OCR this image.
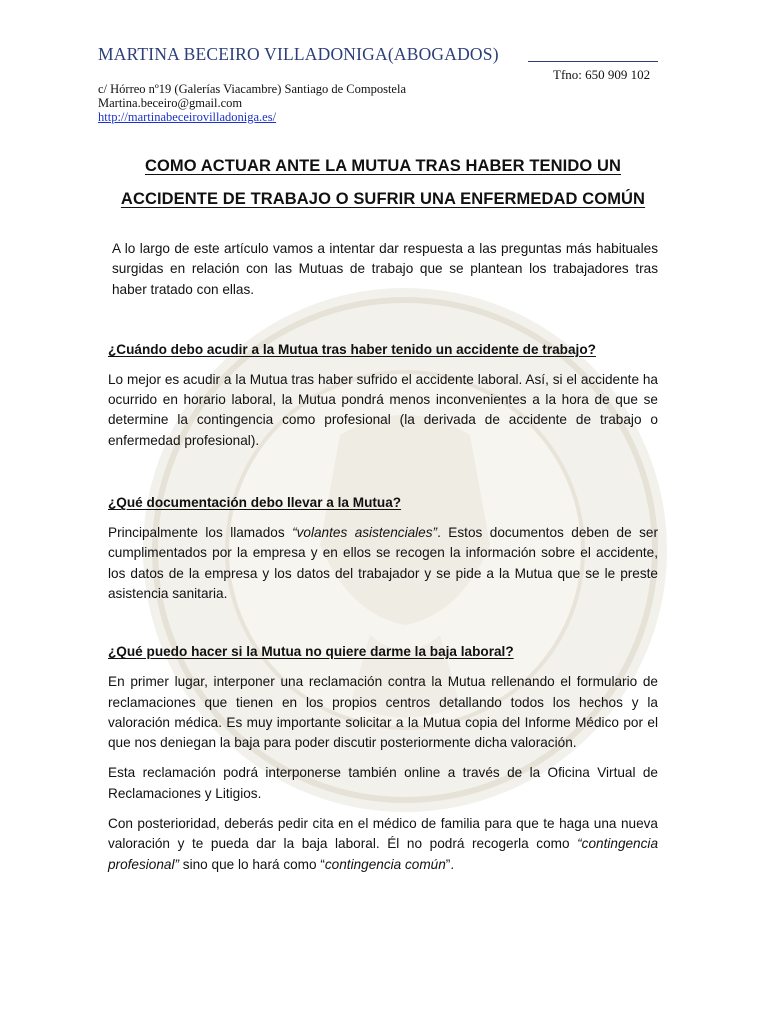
MARTINA BECEIRO VILLADONIGA(ABOGADOS)
Tfno: 650 909 102
c/ Hórreo nº19 (Galerías Viacambre) Santiago de Compostela
Martina.beceiro@gmail.com
http://martinabeceirovilladoniga.es/
COMO ACTUAR ANTE LA MUTUA TRAS HABER TENIDO UN
ACCIDENTE DE TRABAJO O SUFRIR UNA ENFERMEDAD COMÚN

A lo largo de este artículo vamos a intentar dar respuesta a las preguntas más habituales surgidas en relación con las Mutuas de trabajo que se plantean los trabajadores tras haber tratado con ellas.

¿Cuándo debo acudir a la Mutua tras haber tenido un accidente de trabajo?

Lo mejor es acudir a la Mutua tras haber sufrido el accidente laboral. Así, si el accidente ha ocurrido en horario laboral, la Mutua pondrá menos inconvenientes a la hora de que se determine la contingencia como profesional (la derivada de accidente de trabajo o enfermedad profesional).

¿Qué documentación debo llevar a la Mutua?

Principalmente los llamados “volantes asistenciales”. Estos documentos deben de ser cumplimentados por la empresa y en ellos se recogen la información sobre el accidente, los datos de la empresa y los datos del trabajador y se pide a la Mutua que se le preste asistencia sanitaria.

¿Qué puedo hacer si la Mutua no quiere darme la baja laboral?

En primer lugar, interponer una reclamación contra la Mutua rellenando el formulario de reclamaciones que tienen en los propios centros detallando todos los hechos y la valoración médica. Es muy importante solicitar a la Mutua copia del Informe Médico por el que nos deniegan la baja para poder discutir posteriormente dicha valoración.

Esta reclamación podrá interponerse también online a través de la Oficina Virtual de Reclamaciones y Litigios.

Con posterioridad, deberás pedir cita en el médico de familia para que te haga una nueva valoración y te pueda dar la baja laboral. Él no podrá recogerla como “contingencia profesional” sino que lo hará como “contingencia común”.
